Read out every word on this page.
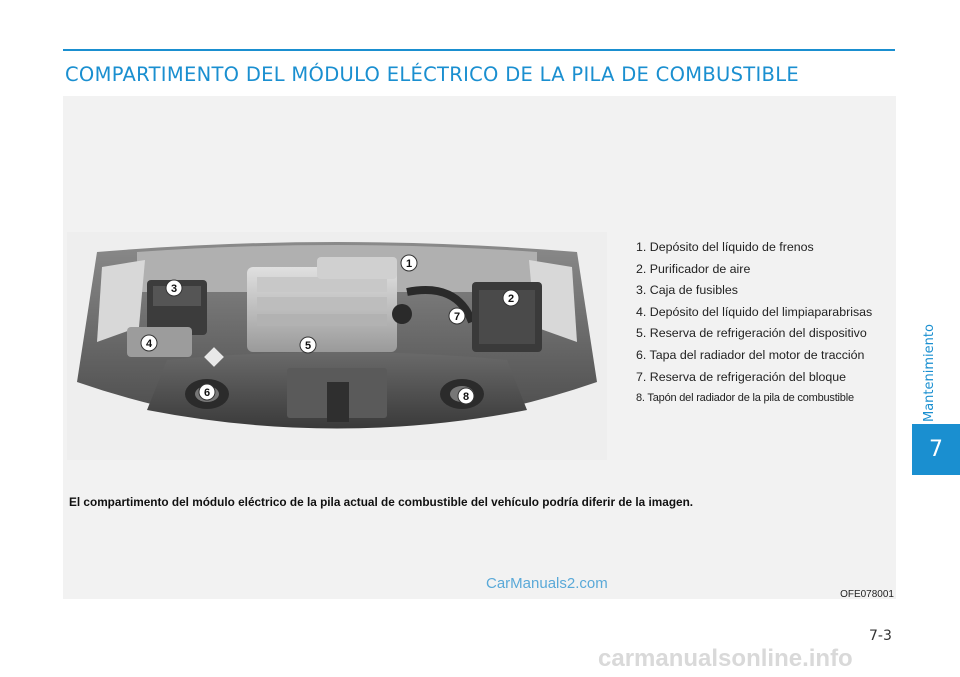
COMPARTIMENTO DEL MÓDULO ELÉCTRICO DE LA PILA DE COMBUSTIBLE
1
2
3
4	5
6
7
8
1. Depósito del líquido de frenos
2. Purificador de aire
3. Caja de fusibles
4. Depósito del líquido del limpiaparabrisas
5. Reserva de refrigeración del dispositivo
6. Tapa del radiador del motor de tracción
7. Reserva de refrigeración del bloque
8. Tapón del radiador de la pila de combustible
El compartimento del módulo eléctrico de la pila actual de combustible del vehículo podría diferir de la imagen.
CarManuals2.com
OFE078001
Mantenimiento
7
7-3
carmanualsonline.info
